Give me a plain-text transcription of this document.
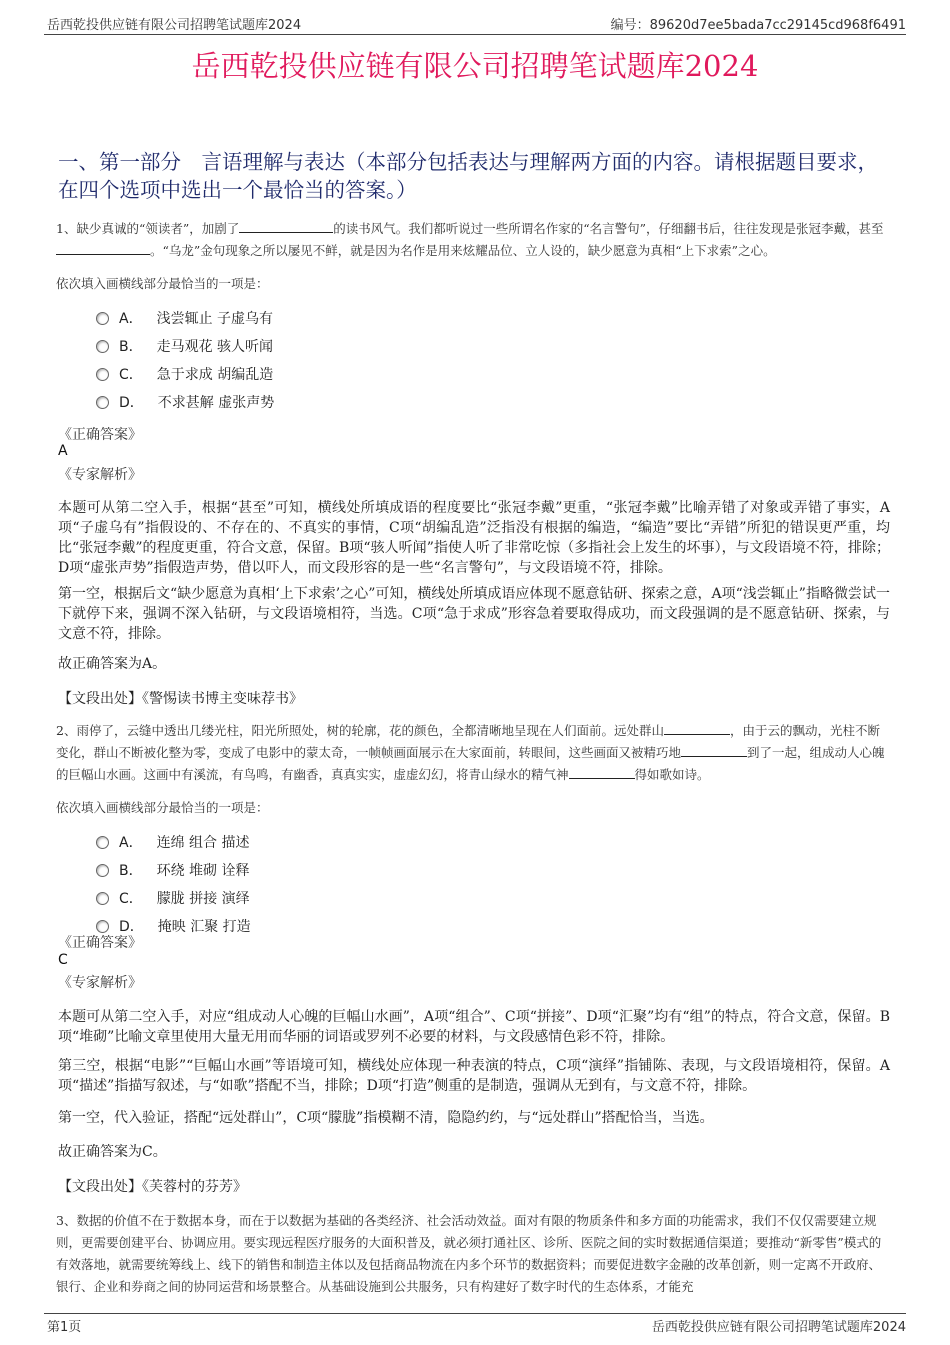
岳西乾投供应链有限公司招聘笔试题库2024	编号：89620d7ee5bada7cc29145cd968f6491
岳西乾投供应链有限公司招聘笔试题库2024
一、第一部分　言语理解与表达（本部分包括表达与理解两方面的内容。请根据题目要求，在四个选项中选出一个最恰当的答案。）
1、缺少真诚的“领读者”，加剧了	的读书风气。我们都听说过一些所谓名作家的“名言警句”，仔细翻书后，往往发现是张冠李戴，甚至。“乌龙”金句现象之所以屡见不鲜，就是因为名作是用来炫耀品位、立人设的，缺少愿意为真相“上下求索”之心。
依次填入画横线部分最恰当的一项是：
A． 浅尝辄止 子虚乌有
B． 走马观花 骇人听闻
C． 急于求成 胡编乱造
D． 不求甚解 虚张声势
《正确答案》
A
《专家解析》
本题可从第二空入手，根据“甚至”可知，横线处所填成语的程度要比“张冠李戴”更重，“张冠李戴”比喻弄错了对象或弄错了事实，A项“子虚乌有”指假设的、不存在的、不真实的事情，C项“胡编乱造”泛指没有根据的编造，“编造”要比“弄错”所犯的错误更严重，均比“张冠李戴”的程度更重，符合文意，保留。B项“骇人听闻”指使人听了非常吃惊（多指社会上发生的坏事），与文段语境不符，排除；D项“虚张声势”指假造声势，借以吓人，而文段形容的是一些“名言警句”，与文段语境不符，排除。
第一空，根据后文“缺少愿意为真相‘上下求索’之心”可知，横线处所填成语应体现不愿意钻研、探索之意，A项“浅尝辄止”指略微尝试一下就停下来，强调不深入钻研，与文段语境相符，当选。C项“急于求成”形容急着要取得成功，而文段强调的是不愿意钻研、探索，与文意不符，排除。
故正确答案为A。
【文段出处】《警惕读书博主变味荐书》
2、雨停了，云缝中透出几缕光柱，阳光所照处，树的轮廓，花的颜色，全都清晰地呈现在人们面前。远处群山	，由于云的飘动，光柱不断变化，群山不断被化整为零，变成了电影中的蒙太奇，一帧帧画面展示在大家面前，转眼间，这些画面又被精巧地	到了一起，组成动人心魄的巨幅山水画。这画中有溪流，有鸟鸣，有幽香，真真实实，虚虚幻幻，将青山绿水的精气神	得如歌如诗。
依次填入画横线部分最恰当的一项是：
A． 连绵 组合 描述
B． 环绕 堆砌 诠释
C． 朦胧 拼接 演绎
D． 掩映 汇聚 打造
《正确答案》
C
《专家解析》
本题可从第二空入手，对应“组成动人心魄的巨幅山水画”，A项“组合”、C项“拼接”、D项“汇聚”均有“组”的特点，符合文意，保留。B项“堆砌”比喻文章里使用大量无用而华丽的词语或罗列不必要的材料，与文段感情色彩不符，排除。
第三空，根据“电影”“巨幅山水画”等语境可知，横线处应体现一种表演的特点，C项“演绎”指铺陈、表现，与文段语境相符，保留。A项“描述”指描写叙述，与“如歌”搭配不当，排除；D项“打造”侧重的是制造，强调从无到有，与文意不符，排除。
第一空，代入验证，搭配“远处群山”，C项“朦胧”指模糊不清，隐隐约约，与“远处群山”搭配恰当，当选。
故正确答案为C。
【文段出处】《芙蓉村的芬芳》
3、数据的价值不在于数据本身，而在于以数据为基础的各类经济、社会活动效益。面对有限的物质条件和多方面的功能需求，我们不仅仅需要建立规则，更需要创建平台、协调应用。要实现远程医疗服务的大面积普及，就必须打通社区、诊所、医院之间的实时数据通信渠道；要推动“新零售”模式的有效落地，就需要统筹线上、线下的销售和制造主体以及包括商品物流在内多个环节的数据资料；而要促进数字金融的改革创新，则一定离不开政府、银行、企业和券商之间的协同运营和场景整合。从基础设施到公共服务，只有构建好了数字时代的生态体系，才能充
第1页	岳西乾投供应链有限公司招聘笔试题库2024
